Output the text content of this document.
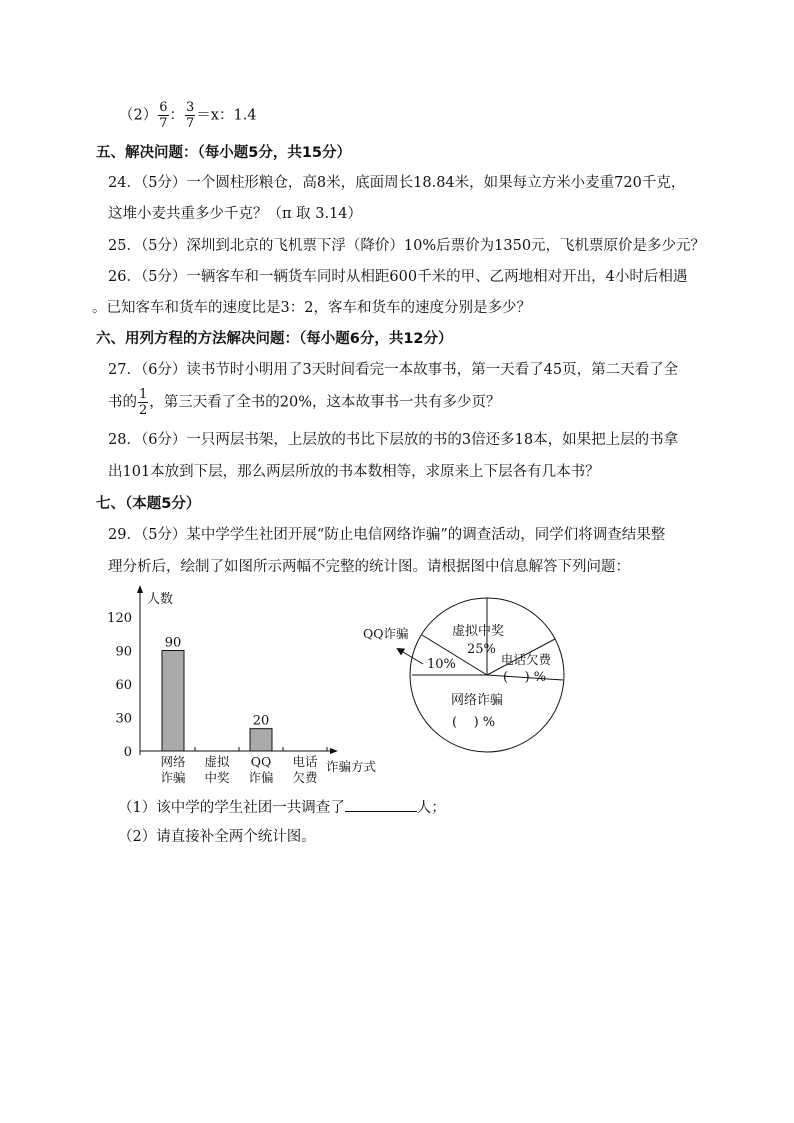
$(2) \frac{6}{7}$ ： $\frac{3}{7} =x$：1.4
五、解决问题：（每小题5分，共15分）
24．（5分）一个圆柱形粮仓，高8米，底面周长18.84米，如果每立方米小麦重720千克，
这堆小麦共重多少千克？（π 取 3.14）
25．（5分）深圳到北京的飞机票下浮（降价）10%后票价为1350元，飞机票原价是多少元？
26．（5分）一辆客车和一辆货车同时从相距600千米的甲、乙两地相对开出，4小时后相遇
。已知客车和货车的速度比是3：2，客车和货车的速度分别是多少？
六、用列方程的方法解决问题：（每小题6分，共12分）
27．（6分）读书节时小明用了3天时间看完一本故事书，第一天看了45页，第二天看了全
书的 $\frac{1}{2}$ ，第三天看了全书的20%，这本故事书一共有多少页？
28．（6分）一只两层书架，上层放的书比下层放的书的3倍还多18本，如果把上层的书拿
出101本放到下层，那么两层所放的书本数相等，求原来上下层各有几本书？
七、（本题5分）
29．（5分）某中学学生社团开展“防止电信网络诈骗”的调查活动，同学们将调查结果整
理分析后，绘制了如图所示两幅不完整的统计图。请根据图中信息解答下列问题：
人数
诈骗方式
0
30
60
90
120
90
20
网络
诈骗
虚拟
中奖
QQ
诈偏
电话
欠费
QQ诈骗
10%
虚拟中奖
25%
电话欠费
(    ) %
网络诈骗
(    ) %
（1）该中学的学生社团一共调查了	人；
（2）请直接补全两个统计图。
